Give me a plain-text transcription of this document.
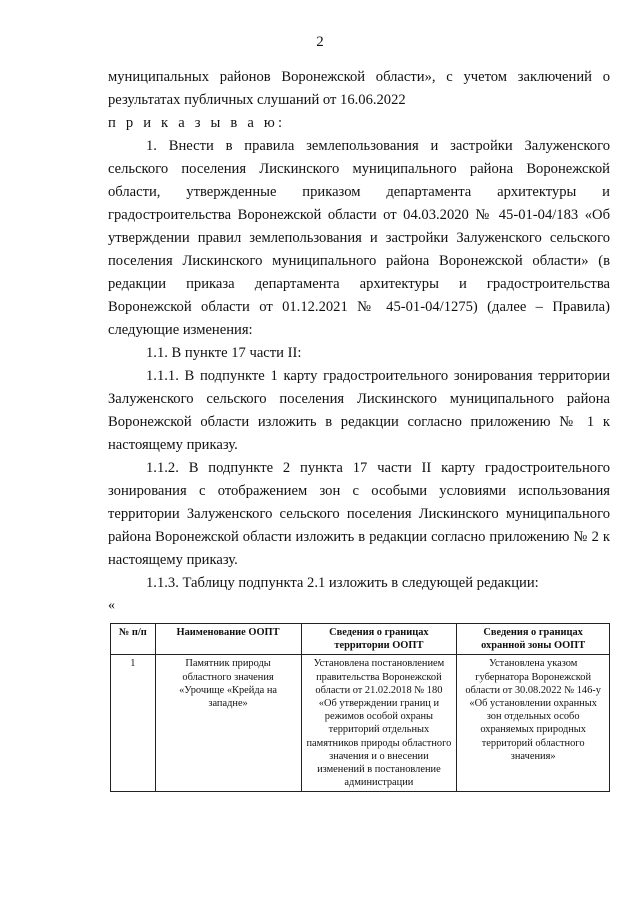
2

муниципальных районов Воронежской области», с учетом заключений о

результатах публичных слушаний от 16.06.2022

п р и к а з ы в а ю:

1. Внести в правила землепользования и застройки Залуженского сельского поселения Лискинского муниципального района Воронежской области, утвержденные приказом департамента архитектуры и градостроительства Воронежской области от 04.03.2020 № 45-01-04/183 «Об утверждении правил землепользования и застройки Залуженского сельского поселения Лискинского муниципального района Воронежской области» (в редакции приказа департамента архитектуры и градостроительства Воронежской области от 01.12.2021 № 45-01-04/1275) (далее – Правила) следующие изменения:

1.1. В пункте 17 части II:

1.1.1. В подпункте 1 карту градостроительного зонирования территории Залуженского сельского поселения Лискинского муниципального района Воронежской области изложить в редакции согласно приложению № 1 к настоящему приказу.

1.1.2. В подпункте 2 пункта 17 части II карту градостроительного зонирования с отображением зон с особыми условиями использования территории Залуженского сельского поселения Лискинского муниципального района Воронежской области изложить в редакции согласно приложению № 2 к настоящему приказу.

1.1.3. Таблицу подпункта 2.1 изложить в следующей редакции:

«
№ п/п	Наименование ООПТ	Сведения о границах территории ООПТ	Сведения о границах охранной зоны ООПТ
1	Памятник природы областного значения «Урочище «Крейда на западне»	Установлена постановлением правительства Воронежской области от 21.02.2018 № 180 «Об утверждении границ и режимов особой охраны территорий отдельных памятников природы областного значения и о внесении изменений в постановление администрации	Установлена указом губернатора Воронежской области от 30.08.2022 № 146-у «Об установлении охранных зон отдельных особо охраняемых природных территорий областного значения»
